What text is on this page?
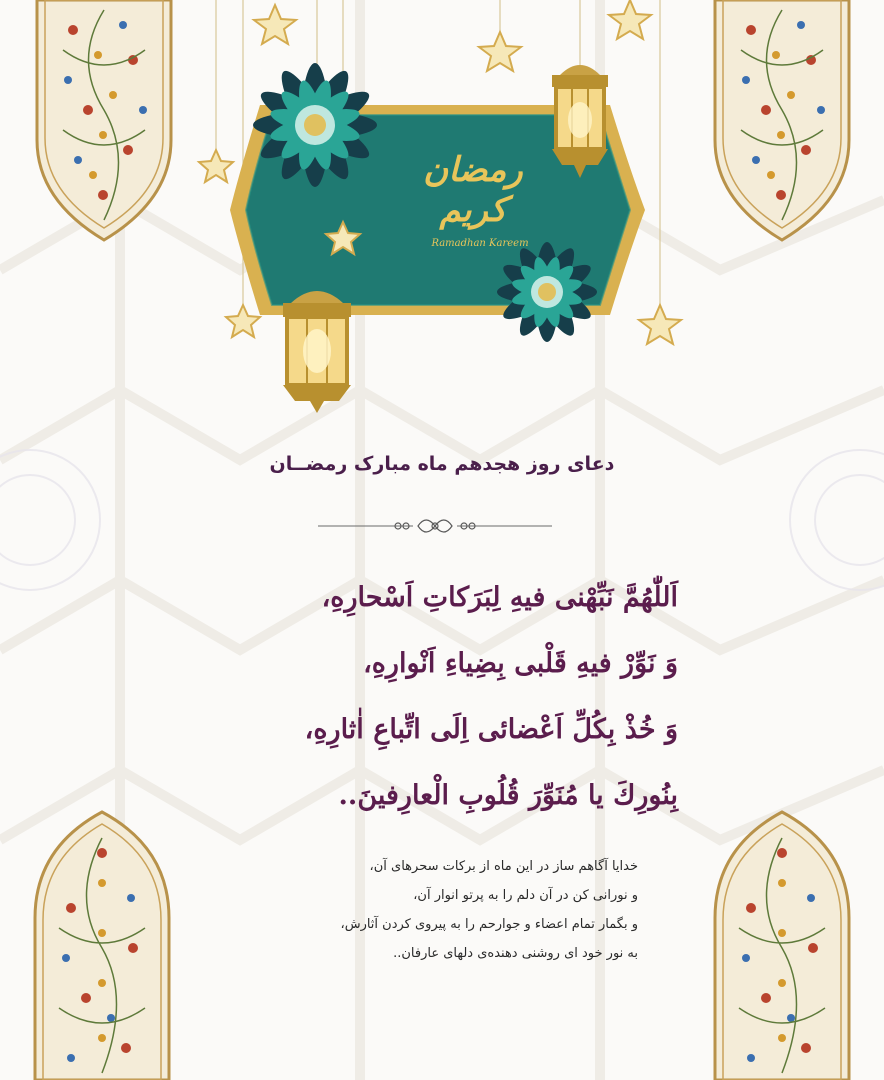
رمضان کریم
Ramadhan Kareem
دعای روز هجدهم ماه مبارک رمضــان
اَللّٰهُمَّ نَبِّهْنى فيهِ لِبَرَكاتِ اَسْحارِهِ،
وَ نَوِّرْ فيهِ قَلْبى بِضِياءِ اَنْوارِهِ،
وَ خُذْ بِكُلِّ اَعْضائى اِلَى اتِّباعِ اٰثارِهِ،
بِنُورِكَ يا مُنَوِّرَ قُلُوبِ الْعارِفينَ..
خدایا آگاهم ساز در این ماه از برکات سحرهای آن،
و نورانی کن در آن دلم را به پرتو انوار آن،
و بگمار تمام اعضاء و جوارحم را به پیروی کردن آثارش،
به نور خود ای روشنی دهنده‌ی دلهای عارفان..
